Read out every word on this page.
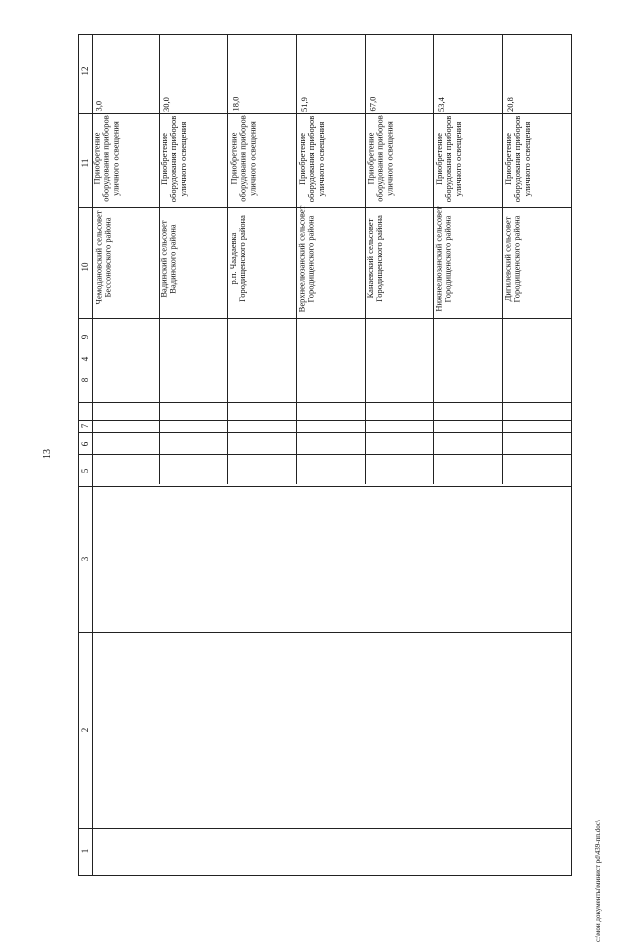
13
1
2
3
4
5
6
7
8
9
10
11
12
Чемодановский сельсовет Бессоновского района
Приобретение оборудования приборов уличного освещения
3,0
Вадинский сельсовет Вадинского района
Приобретение оборудования приборов уличного освещения
30,0
р.п. Чаадаевка Городищенского района
Приобретение оборудования приборов уличного освещения
18,0
Верхнеелюзанский сельсовет Городищенского района
Приобретение оборудования приборов уличного освещения
51,9
Канаевский сельсовет Городищенского района
Приобретение оборудования приборов уличного освещения
67,0
Нижнеелюзанский сельсовет Городищенского района
Приобретение оборудования приборов уличного освещения
53,4
Дигилевский сельсовет Городищенского района
Приобретение оборудования приборов уличного освещения
20,8
c:\мои документы\минист pd\439-пп.doc\
